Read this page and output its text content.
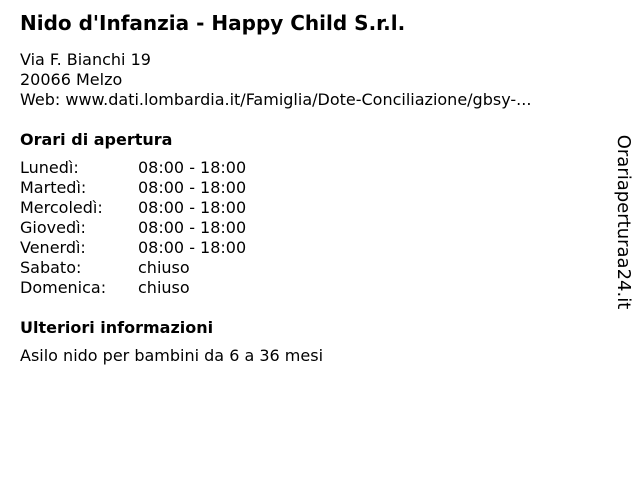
Nido d'Infanzia - Happy Child S.r.l.
Via F. Bianchi 19
20066 Melzo
Web: www.dati.lombardia.it/Famiglia/Dote-Conciliazione/gbsy-...
Orari di apertura
Lunedì:	08:00 - 18:00
Martedì:	08:00 - 18:00
Mercoledì:	08:00 - 18:00
Giovedì:	08:00 - 18:00
Venerdì:	08:00 - 18:00
Sabato:	chiuso
Domenica:	chiuso
Ulteriori informazioni
Asilo nido per bambini da 6 a 36 mesi
Orariaperturaa24.it
